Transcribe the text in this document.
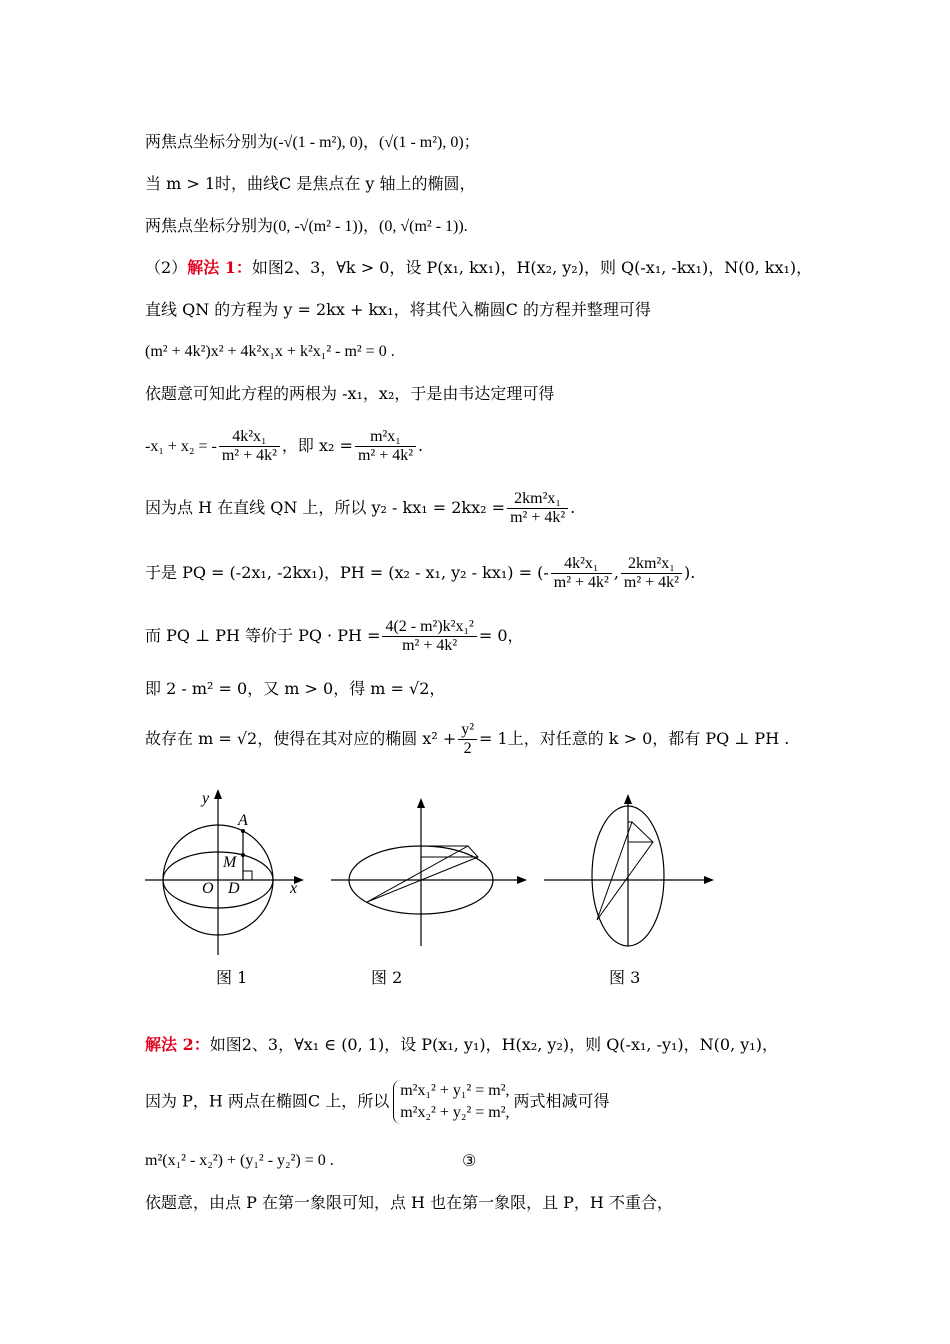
两焦点坐标分别为(-√(1 - m²), 0)，(√(1 - m²), 0)；
当 m > 1时，曲线C 是焦点在 y 轴上的椭圆，
两焦点坐标分别为(0, -√(m² - 1))，(0, √(m² - 1)).
（2）解法 1：如图2、3，∀k > 0，设 P(x₁, kx₁)，H(x₂, y₂)，则 Q(-x₁, -kx₁)，N(0, kx₁)，
直线 QN 的方程为 y = 2kx + kx₁，将其代入椭圆C 的方程并整理可得
(m² + 4k²)x² + 4k²x₁x + k²x₁² - m² = 0 .
依题意可知此方程的两根为 -x₁，x₂，于是由韦达定理可得
-x₁ + x₂ = - $\frac{\text{4k²x₁}}{\text{m² + 4k²}}$ ，即 $x_2 = \frac{\text{m²x₁}}{\text{m² + 4k²}}$ .
因为点 H 在直线 QN 上，所以 $y_2 - kx_1 = 2kx_2 = \frac{\text{2km²x₁}}{\text{m² + 4k²}}$ .
于是 PQ = (-2x₁, -2kx₁)，PH = (x₂ - x₁, y₂ - kx₁) = (- $\frac{\text{4k²x₁}}{\text{m² + 4k²}}$ , $\frac{\text{2km²x₁}}{\text{m² + 4k²}}$ ).
而 PQ ⊥ PH 等价于 PQ · PH = $\frac{\text{4(2 - m²)k²x₁²}}{\text{m² + 4k²}} = 0$，
即 2 - m² = 0，又 m > 0，得 m = √2，
故存在 m = √2，使得在其对应的椭圆 $x^2 + \frac{\text{y²}}{2} = 1$上，对任意的 k > 0，都有 PQ ⊥ PH .
y
x
A
M
O D
图 1	图 2	图 3
解法 2：如图2、3，∀x₁ ∈ (0, 1)，设 P(x₁, y₁)，H(x₂, y₂)，则 Q(-x₁, -y₁)，N(0, y₁)，
因为 P，H 两点在椭圆C 上，所以
m²x₁² + y₁² = m²,
m²x₂² + y₂² = m²,
两式相减可得
m²(x₁² - x₂²) + (y₁² - y₂²) = 0 .	③
依题意，由点 P 在第一象限可知，点 H 也在第一象限，且 P，H 不重合，
